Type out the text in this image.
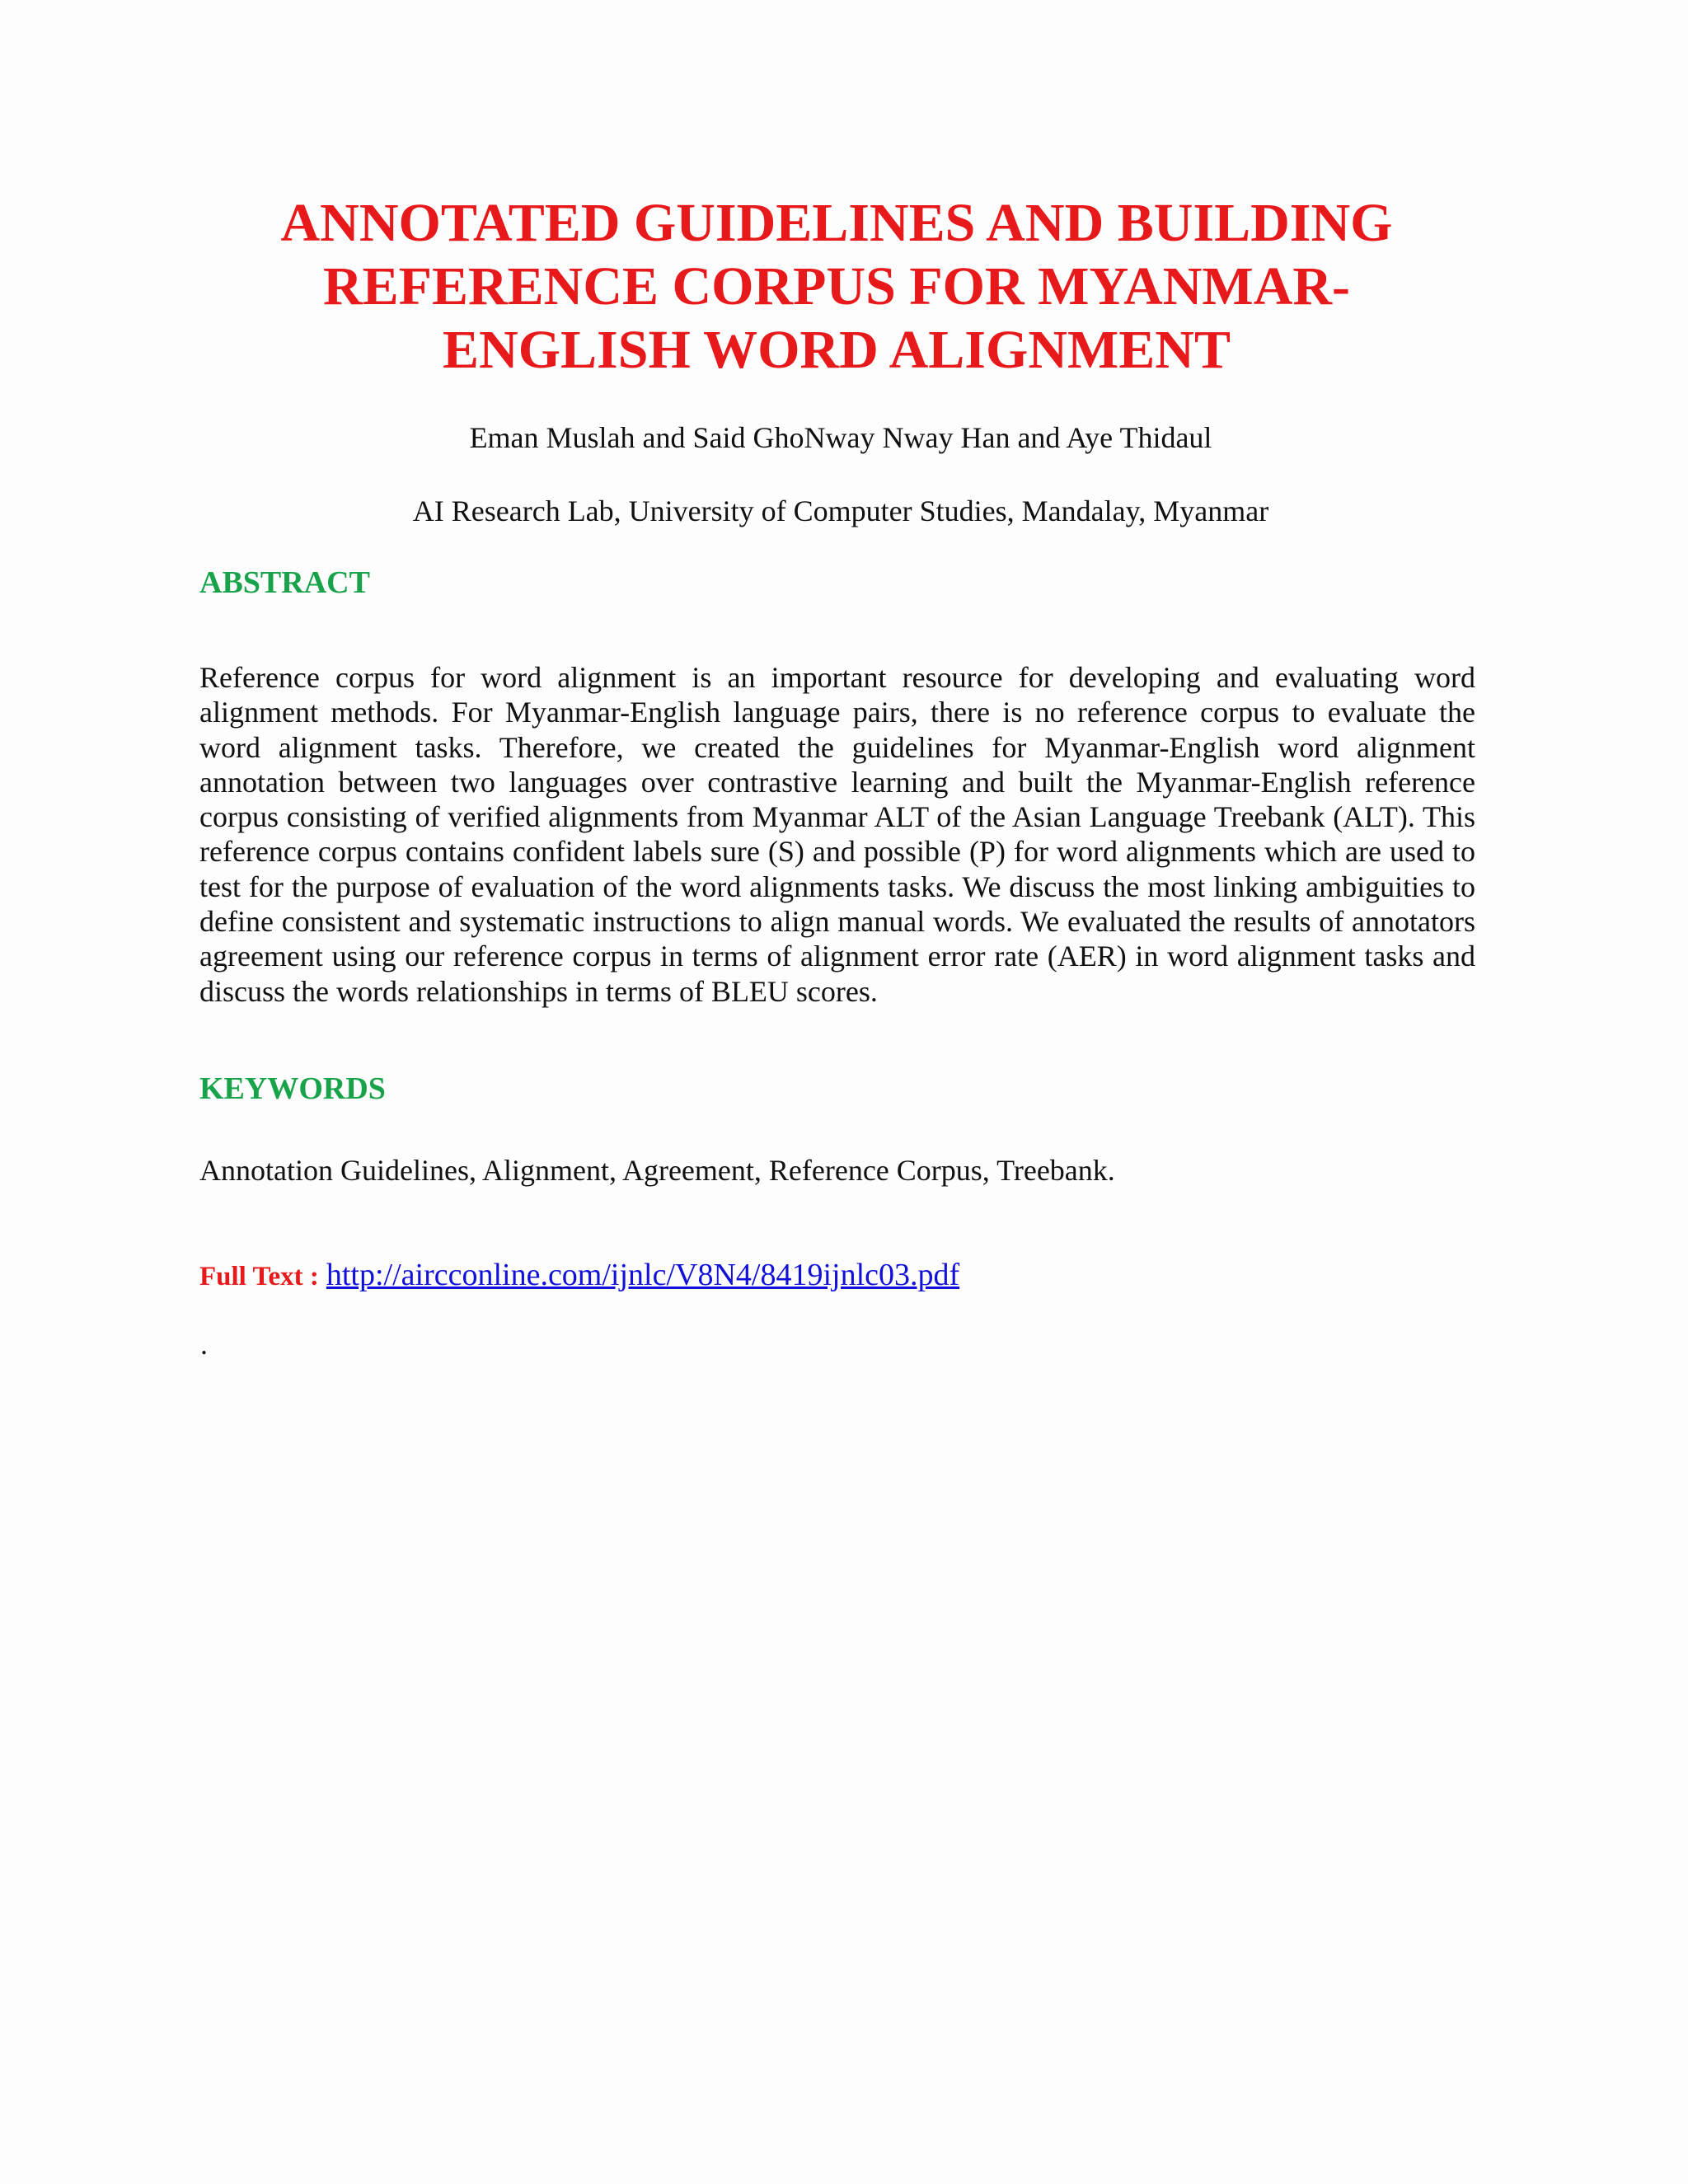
ANNOTATED GUIDELINES AND BUILDING
REFERENCE CORPUS FOR MYANMAR-
ENGLISH WORD ALIGNMENT
Eman Muslah and Said GhoNway Nway Han and Aye Thidaul
AI Research Lab, University of Computer Studies, Mandalay, Myanmar
ABSTRACT

Reference corpus for word alignment is an important resource for developing and evaluating word alignment methods. For Myanmar-English language pairs, there is no reference corpus to evaluate the word alignment tasks. Therefore, we created the guidelines for Myanmar-English word alignment annotation between two languages over contrastive learning and built the Myanmar-English reference corpus consisting of verified alignments from Myanmar ALT of the Asian Language Treebank (ALT). This reference corpus contains confident labels sure (S) and possible (P) for word alignments which are used to test for the purpose of evaluation of the word alignments tasks. We discuss the most linking ambiguities to define consistent and systematic instructions to align manual words. We evaluated the results of annotators agreement using our reference corpus in terms of alignment error rate (AER) in word alignment tasks and discuss the words relationships in terms of BLEU scores.

KEYWORDS

Annotation Guidelines, Alignment, Agreement, Reference Corpus, Treebank.

Full Text : http://aircconline.com/ijnlc/V8N4/8419ijnlc03.pdf

.
